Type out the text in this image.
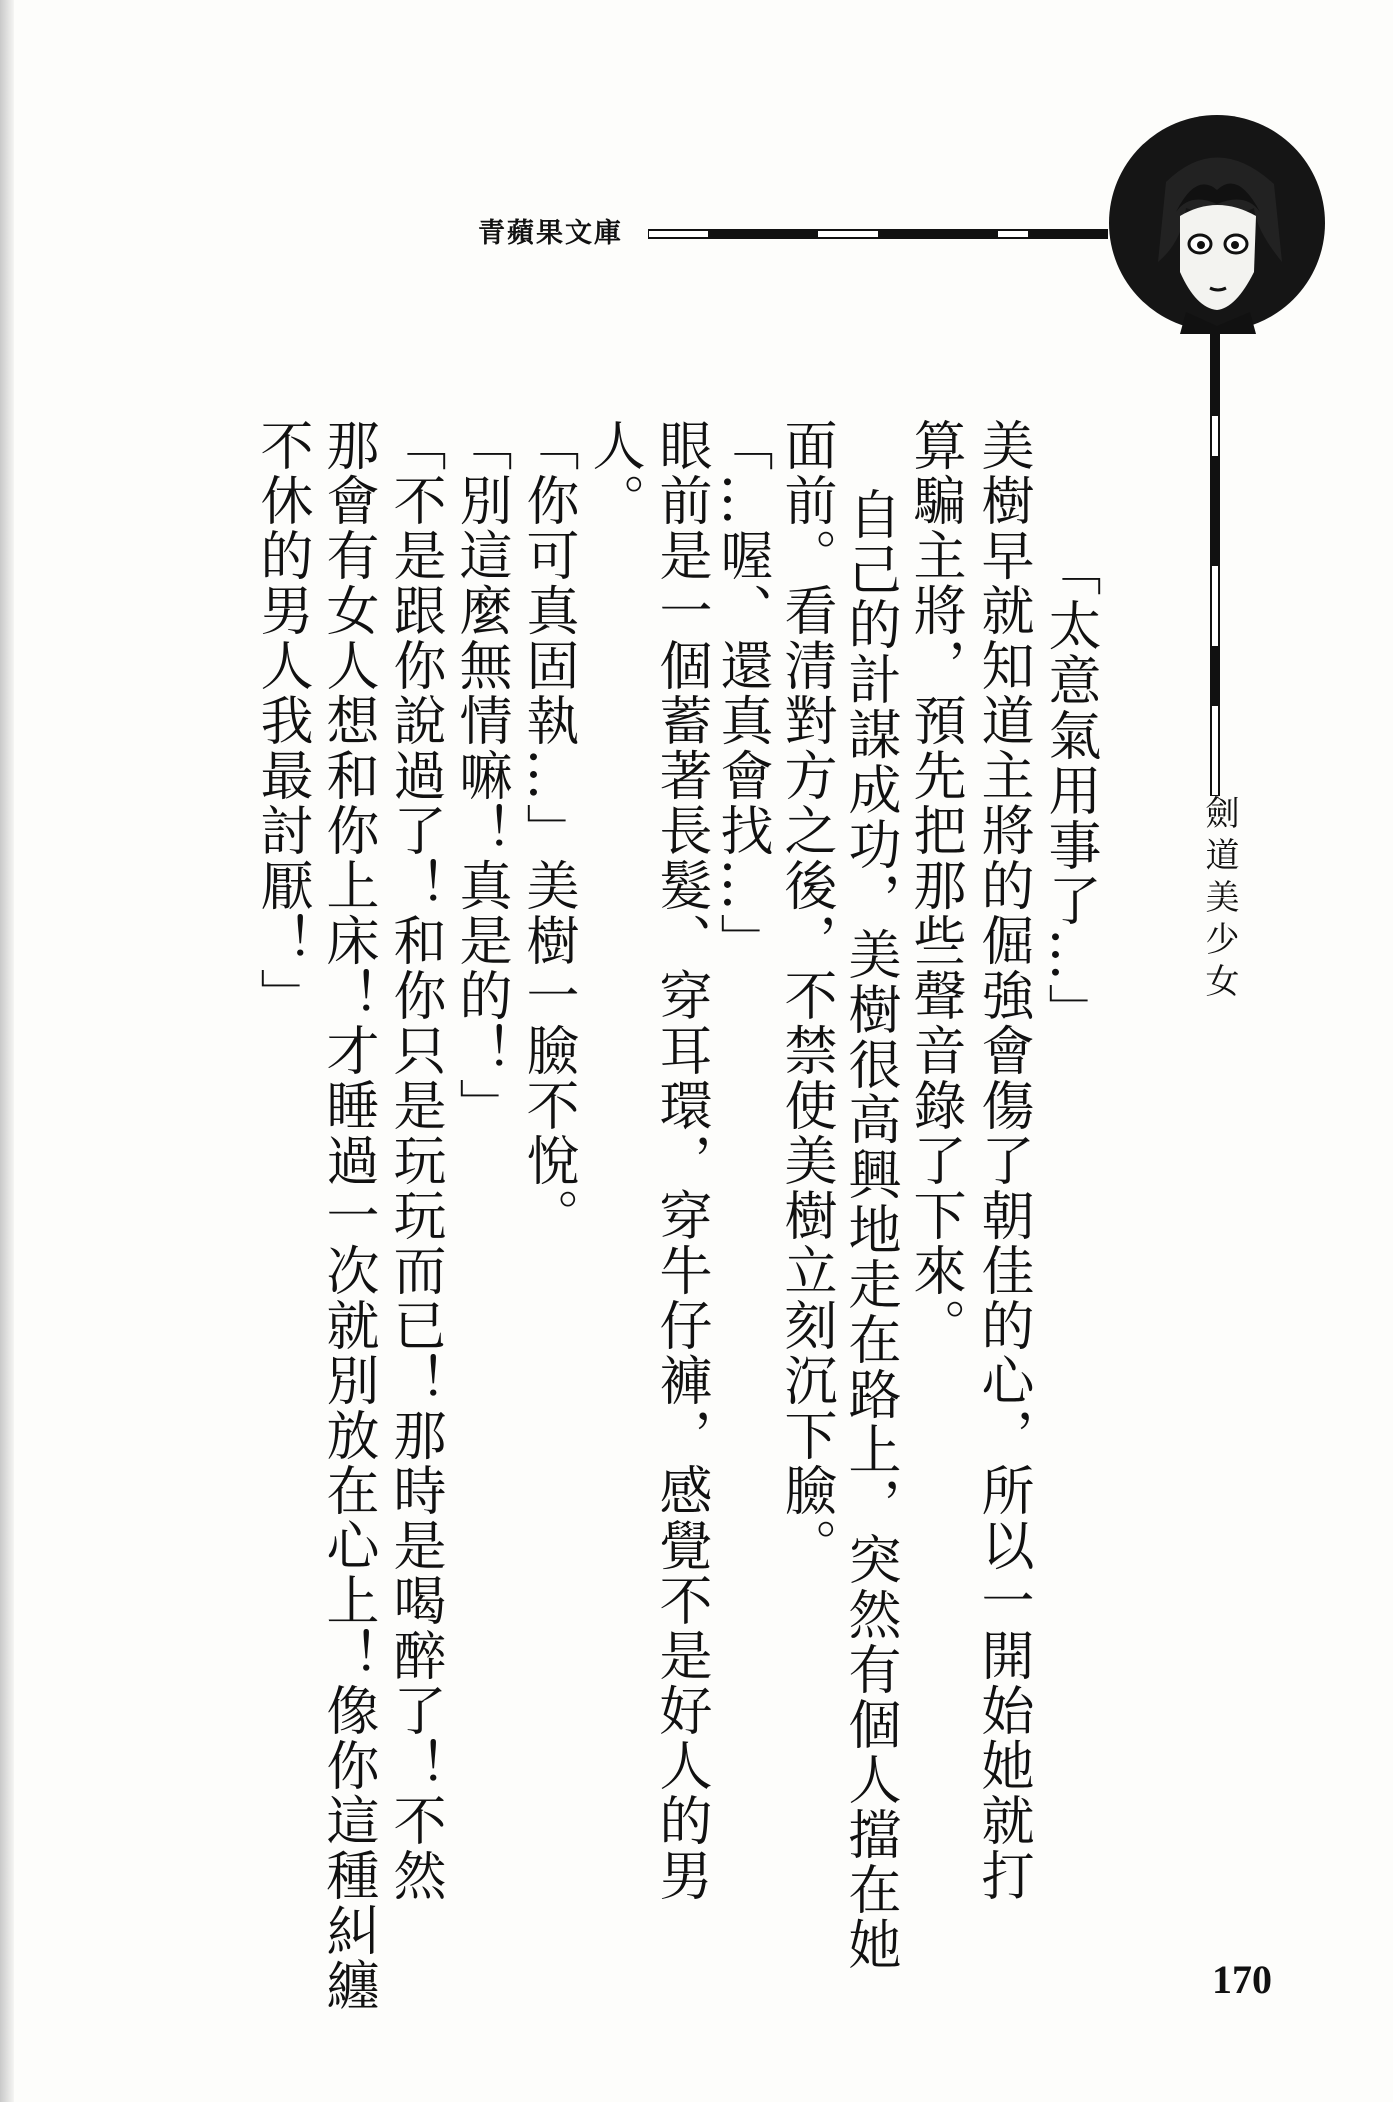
青蘋果文庫
劍道美少女
「太意氣用事了…」
美樹早就知道主將的倔強會傷了朝佳的心，所以一開始她就打
算騙主將，預先把那些聲音錄了下來。
自己的計謀成功，美樹很高興地走在路上，突然有個人擋在她
面前。看清對方之後，不禁使美樹立刻沉下臉。
「…喔、還真會找…」
眼前是一個蓄著長髮、穿耳環，穿牛仔褲，感覺不是好人的男
人。
「你可真固執…」美樹一臉不悅。
「別這麼無情嘛！真是的！」
「不是跟你說過了！和你只是玩玩而已！那時是喝醉了！不然
那會有女人想和你上床！才睡過一次就別放在心上！像你這種糾纏
不休的男人我最討厭！」
170
